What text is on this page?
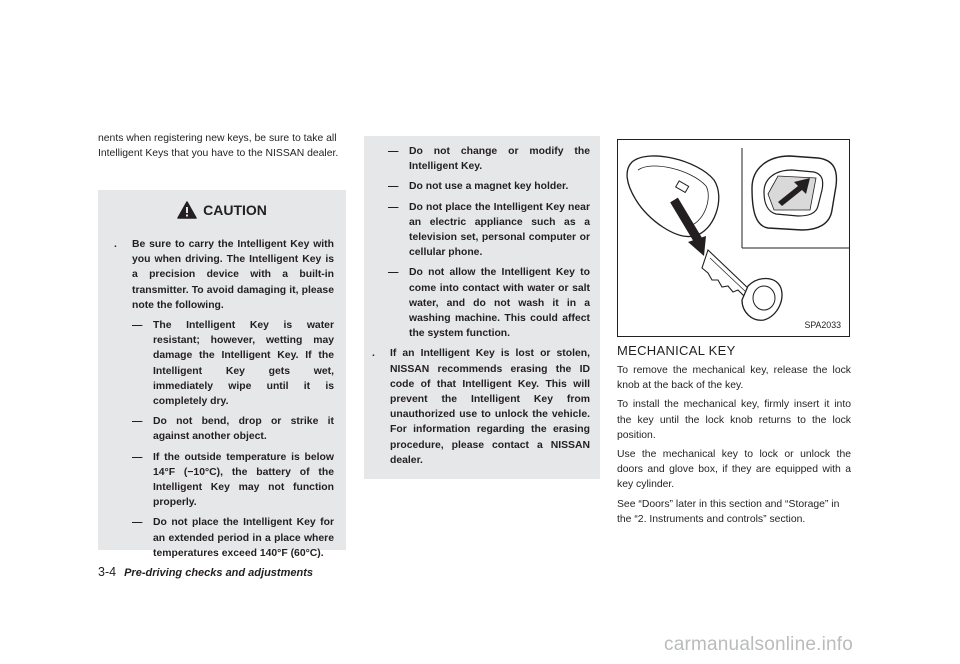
nents when registering new keys, be sure to take all Intelligent Keys that you have to the NISSAN dealer.

CAUTION
. Be sure to carry the Intelligent Key with you when driving. The Intelligent Key is a precision device with a built-in transmitter. To avoid damaging it, please note the following.
— The Intelligent Key is water resistant; however, wetting may damage the Intelligent Key. If the Intelligent Key gets wet, immediately wipe until it is completely dry.
— Do not bend, drop or strike it against another object.
— If the outside temperature is below 14°F (−10°C), the battery of the Intelligent Key may not function properly.
— Do not place the Intelligent Key for an extended period in a place where temperatures exceed 140°F (60°C).
— Do not change or modify the Intelligent Key.
— Do not use a magnet key holder.
— Do not place the Intelligent Key near an electric appliance such as a television set, personal computer or cellular phone.
— Do not allow the Intelligent Key to come into contact with water or salt water, and do not wash it in a washing machine. This could affect the system function.
. If an Intelligent Key is lost or stolen, NISSAN recommends erasing the ID code of that Intelligent Key. This will prevent the Intelligent Key from unauthorized use to unlock the vehicle. For information regarding the erasing procedure, please contact a NISSAN dealer.
SPA2033
MECHANICAL KEY

To remove the mechanical key, release the lock knob at the back of the key.

To install the mechanical key, firmly insert it into the key until the lock knob returns to the lock position.

Use the mechanical key to lock or unlock the doors and glove box, if they are equipped with a key cylinder.

See “Doors” later in this section and “Storage” in the “2. Instruments and controls” section.

3-4 Pre-driving checks and adjustments
carmanualsonline.info
